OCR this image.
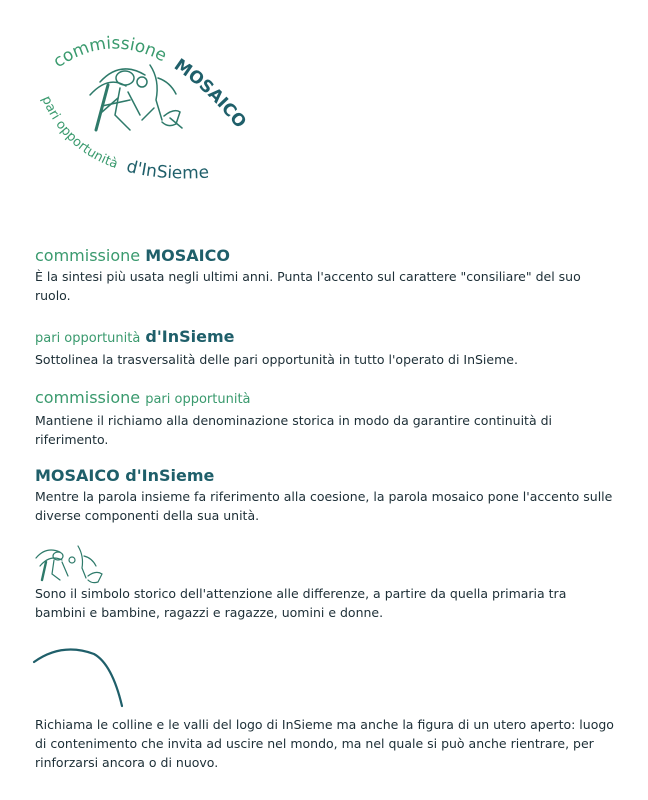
commissione MOSAICO
pari opportunità d'InSieme
commissione MOSAICO
È la sintesi più usata negli ultimi anni. Punta l'accento sul carattere "consiliare" del suo ruolo.
pari opportunità d'InSieme
Sottolinea la trasversalità delle pari opportunità in tutto l'operato di InSieme.
commissione pari opportunità
Mantiene il richiamo alla denominazione storica in modo da garantire continuità di riferimento.
MOSAICO d'InSieme
Mentre la parola insieme fa riferimento alla coesione, la parola mosaico pone l'accento sulle diverse componenti della sua unità.
Sono il simbolo storico dell'attenzione alle differenze, a partire da quella primaria tra bambini e bambine, ragazzi e ragazze, uomini e donne.
Richiama le colline e le valli del logo di InSieme ma anche la figura di un utero aperto: luogo di contenimento che invita ad uscire nel mondo, ma nel quale si può anche rientrare, per rinforzarsi ancora o di nuovo.
